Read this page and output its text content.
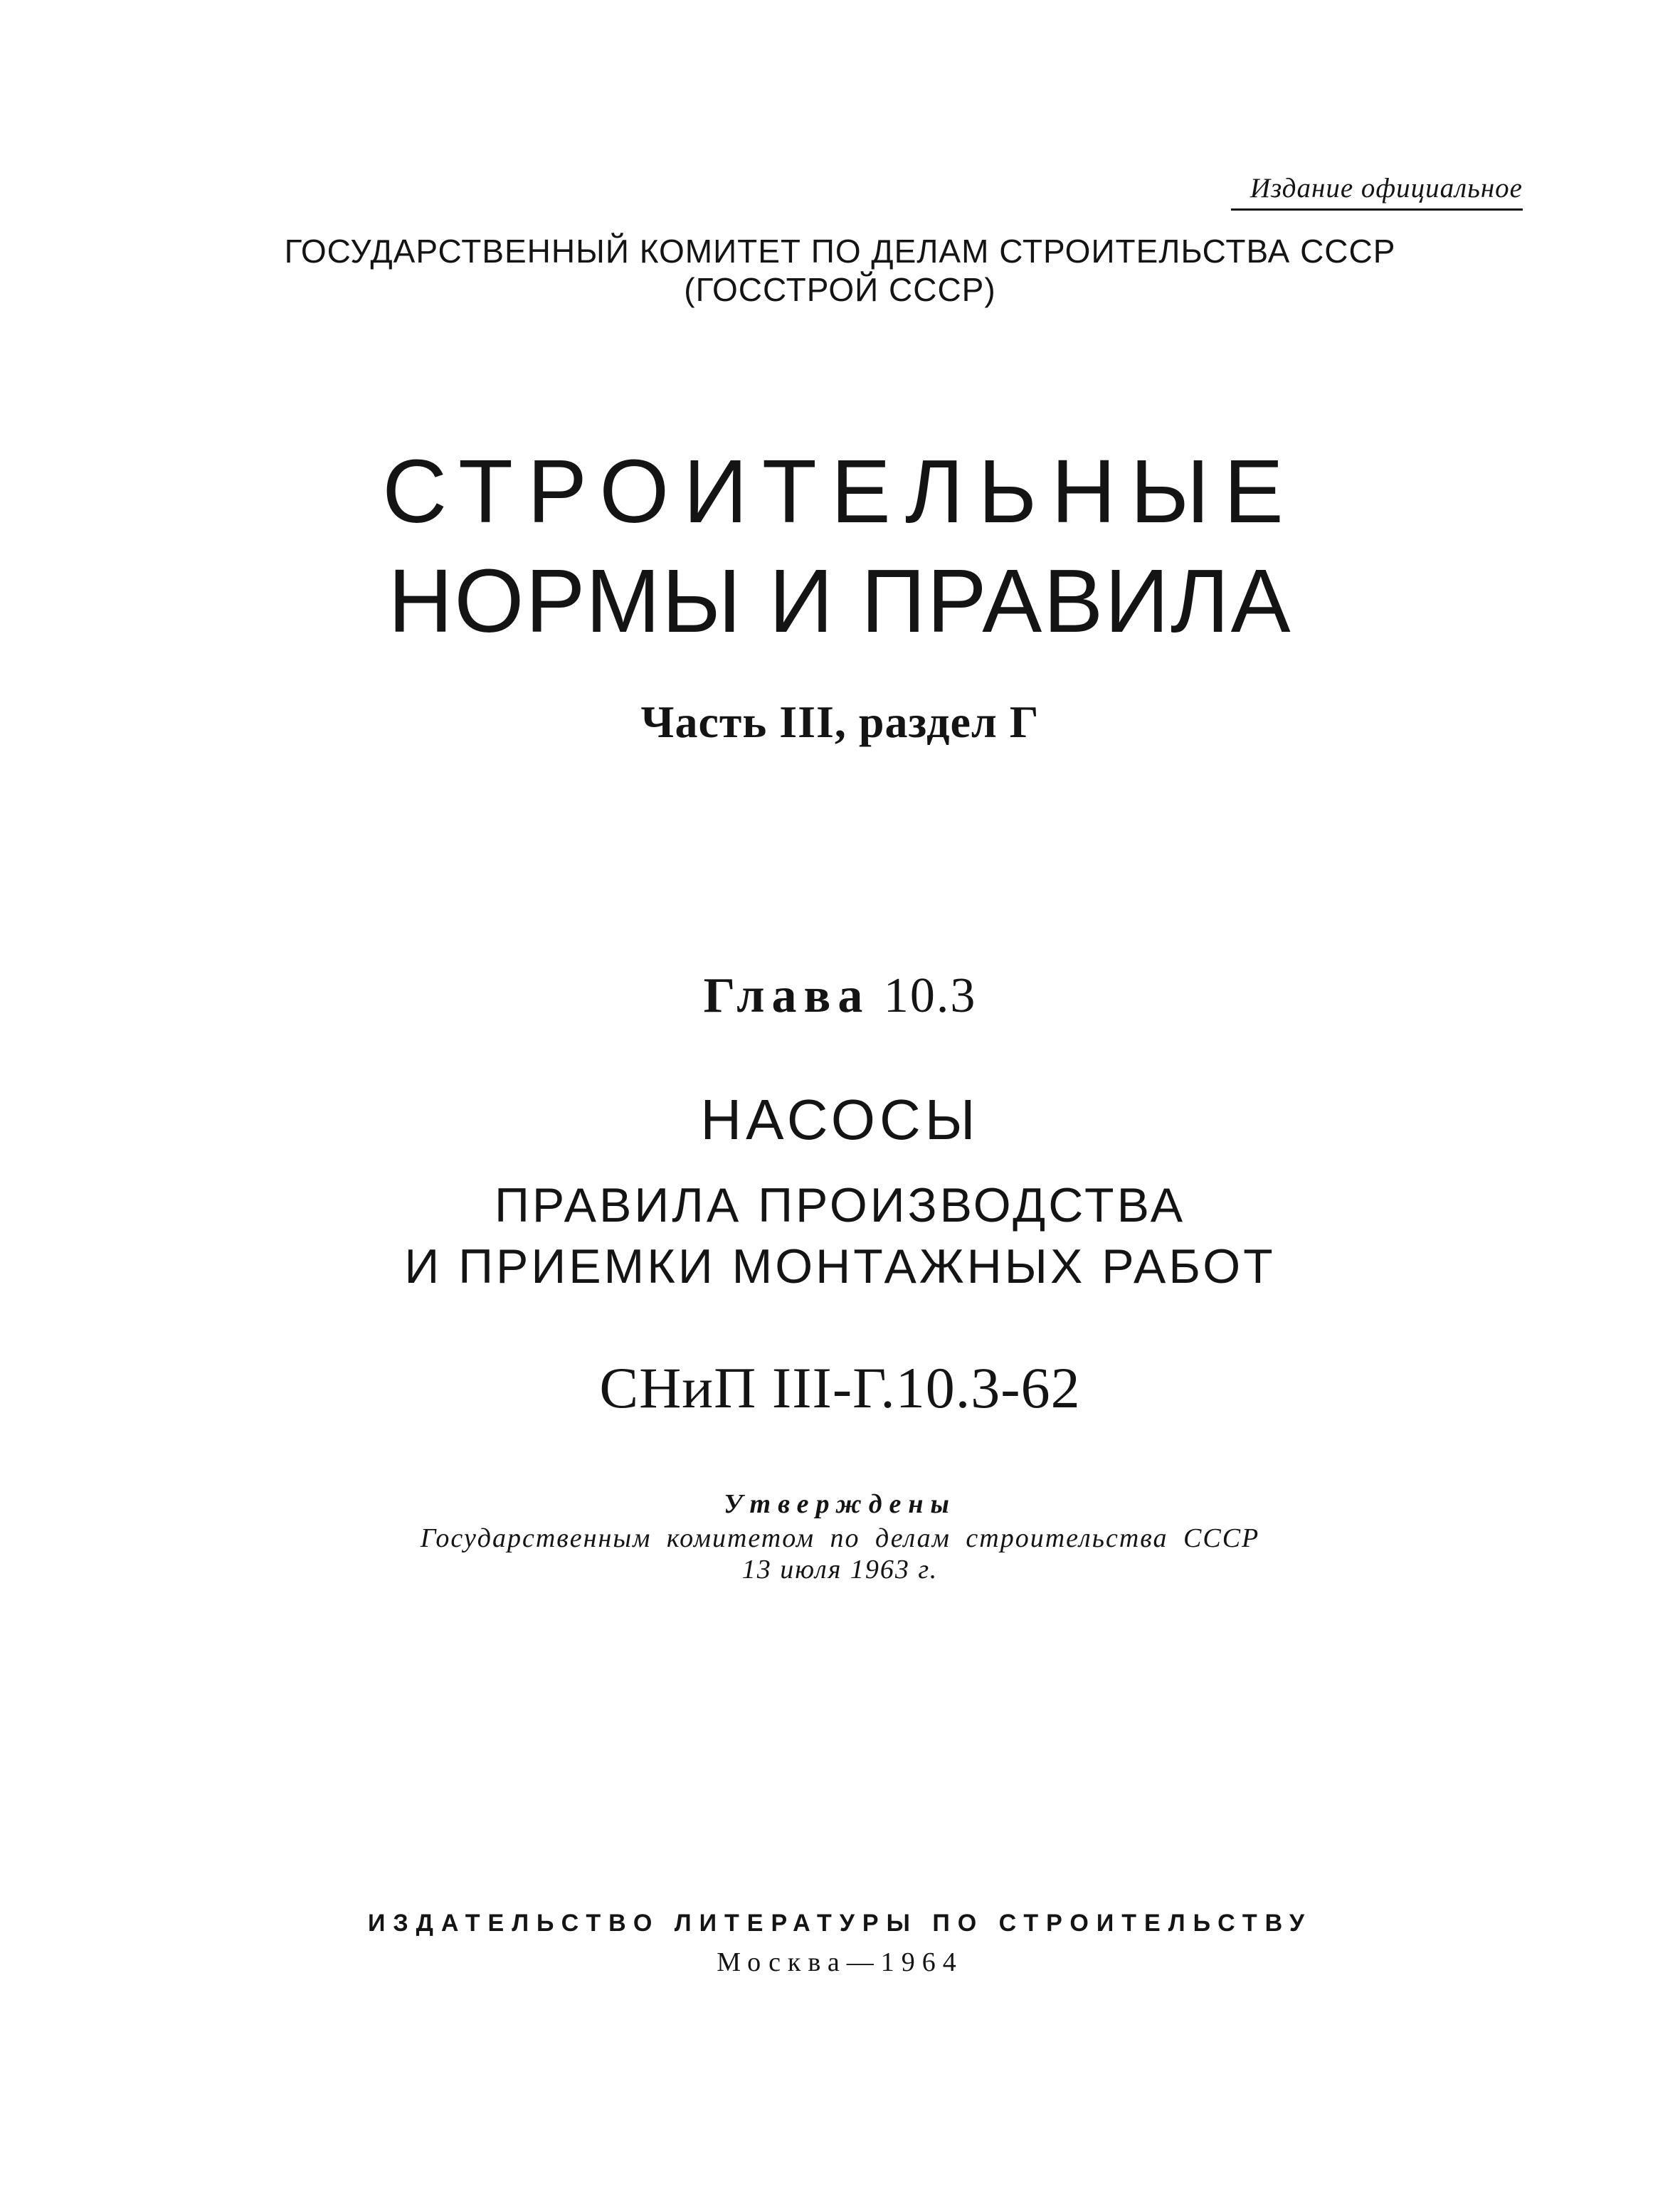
Издание официальное
ГОСУДАРСТВЕННЫЙ КОМИТЕТ ПО ДЕЛАМ СТРОИТЕЛЬСТВА СССР
(ГОССТРОЙ СССР)
СТРОИТЕЛЬНЫЕ
НОРМЫ И ПРАВИЛА
Часть III, раздел Г
Глава 10.3
НАСОСЫ
ПРАВИЛА ПРОИЗВОДСТВА
И ПРИЕМКИ МОНТАЖНЫХ РАБОТ
СНиП III-Г.10.3-62
Утверждены
Государственным комитетом по делам строительства СССР
13 июля 1963 г.
ИЗДАТЕЛЬСТВО ЛИТЕРАТУРЫ ПО СТРОИТЕЛЬСТВУ
Москва—1964
